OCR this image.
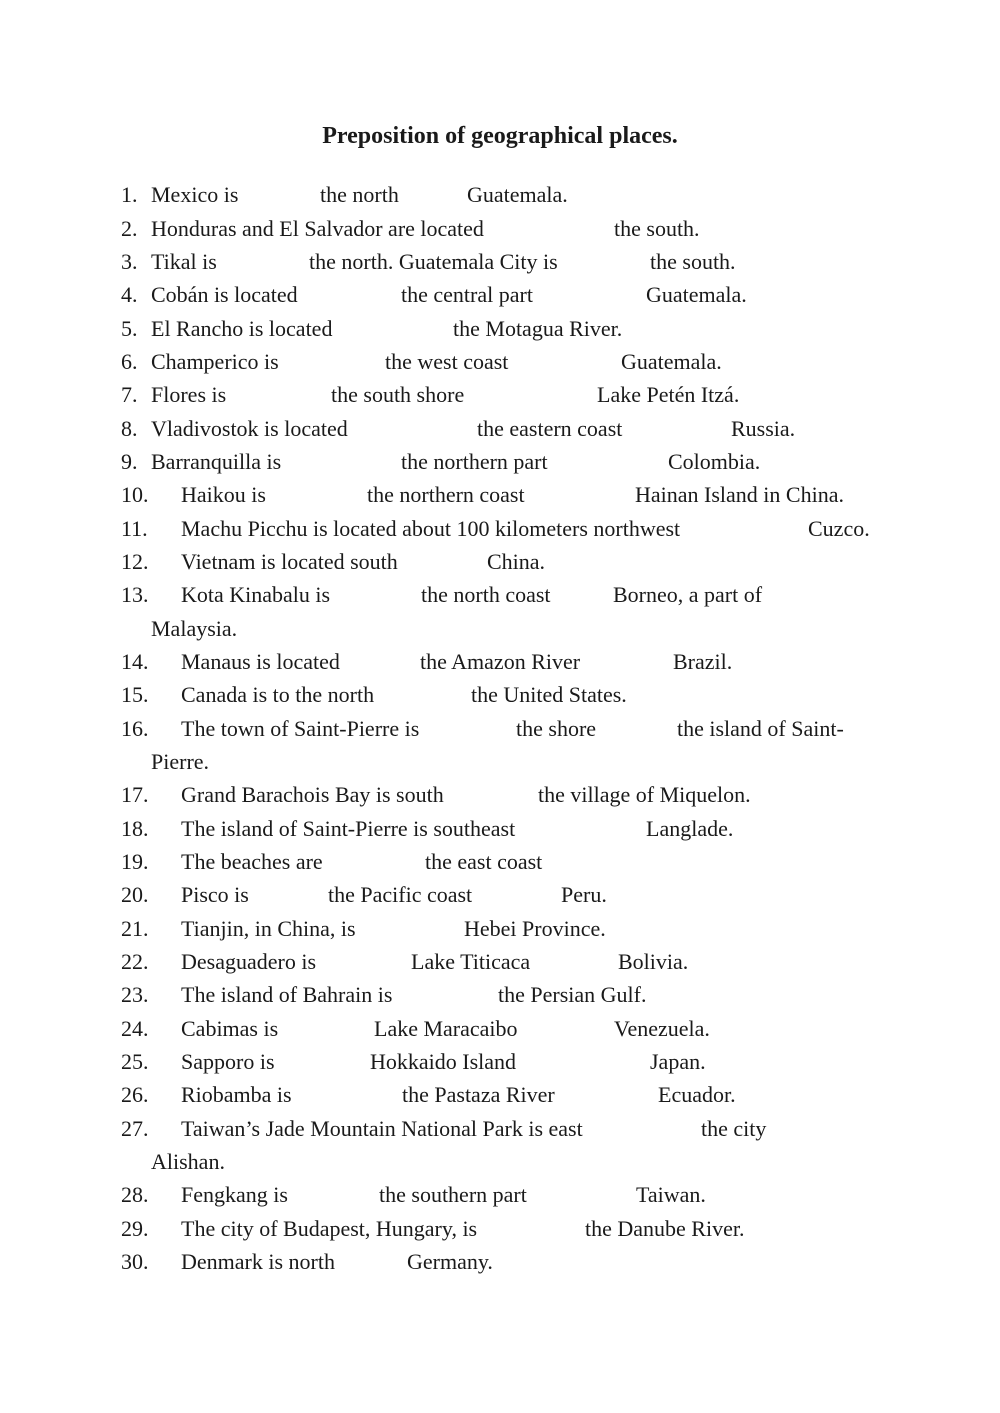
Preposition of geographical places.
1. Mexico is	the north	Guatemala.
2. Honduras and El Salvador are located	the south.
3. Tikal is	the north. Guatemala City is	the south.
4. Cobán is located	the central part	Guatemala.
5. El Rancho is located	the Motagua River.
6. Champerico is	the west coast	Guatemala.
7. Flores is	the south shore	Lake Petén Itzá.
8. Vladivostok is located	the eastern coast	Russia.
9. Barranquilla is	the northern part	Colombia.
10. Haikou is	the northern coast	Hainan Island in China.
11. Machu Picchu is located about 100 kilometers northwest	Cuzco.
12. Vietnam is located south	China.
13. Kota Kinabalu is	the north coast	Borneo, a part of
Malaysia.
14. Manaus is located	the Amazon River	Brazil.
15. Canada is to the north	the United States.
16. The town of Saint-Pierre is	the shore	the island of Saint-
Pierre.
17. Grand Barachois Bay is south	the village of Miquelon.
18. The island of Saint-Pierre is southeast	Langlade.
19. The beaches are	the east coast
20. Pisco is	the Pacific coast	Peru.
21. Tianjin, in China, is	Hebei Province.
22. Desaguadero is	Lake Titicaca	Bolivia.
23. The island of Bahrain is	the Persian Gulf.
24. Cabimas is	Lake Maracaibo	Venezuela.
25. Sapporo is	Hokkaido Island	Japan.
26. Riobamba is	the Pastaza River	Ecuador.
27. Taiwan’s Jade Mountain National Park is east	the city
Alishan.
28. Fengkang is	the southern part	Taiwan.
29. The city of Budapest, Hungary, is	the Danube River.
30. Denmark is north	Germany.
